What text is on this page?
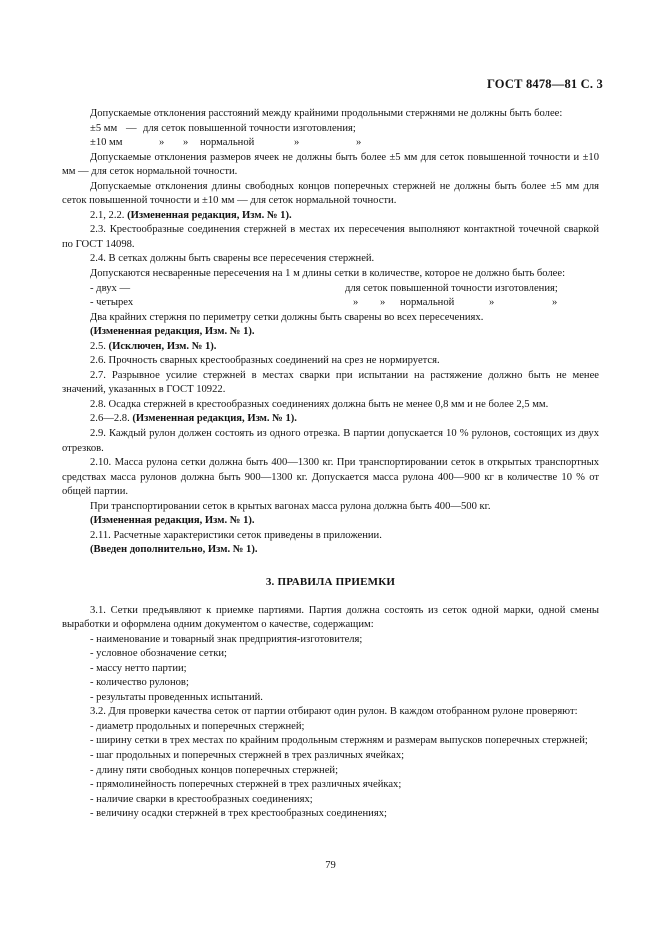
ГОСТ 8478—81 С. 3

Допускаемые отклонения расстояний между крайними продольными стержнями не должны быть более:

±5 мм — для сеток повышенной точности изготовления;
±10 мм	» » нормальной	»	»

Допускаемые отклонения размеров ячеек не должны быть более ±5 мм для сеток повышенной точности и ±10 мм — для сеток нормальной точности.

Допускаемые отклонения длины свободных концов поперечных стержней не должны быть более ±5 мм для сеток повышенной точности и ±10 мм — для сеток нормальной точности.

2.1, 2.2. (Измененная редакция, Изм. № 1).

2.3. Крестообразные соединения стержней в местах их пересечения выполняют контактной точечной сваркой по ГОСТ 14098.

2.4. В сетках должны быть сварены все пересечения стержней.

Допускаются несваренные пересечения на 1 м длины сетки в количестве, которое не должно быть более:

- двух —	для сеток повышенной точности изготовления;
- четырех	» » нормальной	»	»

Два крайних стержня по периметру сетки должны быть сварены во всех пересечениях.

(Измененная редакция, Изм. № 1).

2.5. (Исключен, Изм. № 1).

2.6. Прочность сварных крестообразных соединений на срез не нормируется.

2.7. Разрывное усилие стержней в местах сварки при испытании на растяжение должно быть не менее значений, указанных в ГОСТ 10922.

2.8. Осадка стержней в крестообразных соединениях должна быть не менее 0,8 мм и не более 2,5 мм.

2.6—2.8. (Измененная редакция, Изм. № 1).

2.9. Каждый рулон должен состоять из одного отрезка. В партии допускается 10 % рулонов, состоящих из двух отрезков.

2.10. Масса рулона сетки должна быть 400—1300 кг. При транспортировании сеток в открытых транспортных средствах масса рулонов должна быть 900—1300 кг. Допускается масса рулона 400—900 кг в количестве 10 % от общей партии.

При транспортировании сеток в крытых вагонах масса рулона должна быть 400—500 кг.

(Измененная редакция, Изм. № 1).

2.11. Расчетные характеристики сеток приведены в приложении.

(Введен дополнительно, Изм. № 1).

3. ПРАВИЛА ПРИЕМКИ

3.1. Сетки предъявляют к приемке партиями. Партия должна состоять из сеток одной марки, одной смены выработки и оформлена одним документом о качестве, содержащим:

- наименование и товарный знак предприятия-изготовителя;

- условное обозначение сетки;

- массу нетто партии;

- количество рулонов;

- результаты проведенных испытаний.

3.2. Для проверки качества сеток от партии отбирают один рулон. В каждом отобранном рулоне проверяют:

- диаметр продольных и поперечных стержней;

- ширину сетки в трех местах по крайним продольным стержням и размерам выпусков поперечных стержней;

- шаг продольных и поперечных стержней в трех различных ячейках;

- длину пяти свободных концов поперечных стержней;

- прямолинейность поперечных стержней в трех различных ячейках;

- наличие сварки в крестообразных соединениях;

- величину осадки стержней в трех крестообразных соединениях;

79
